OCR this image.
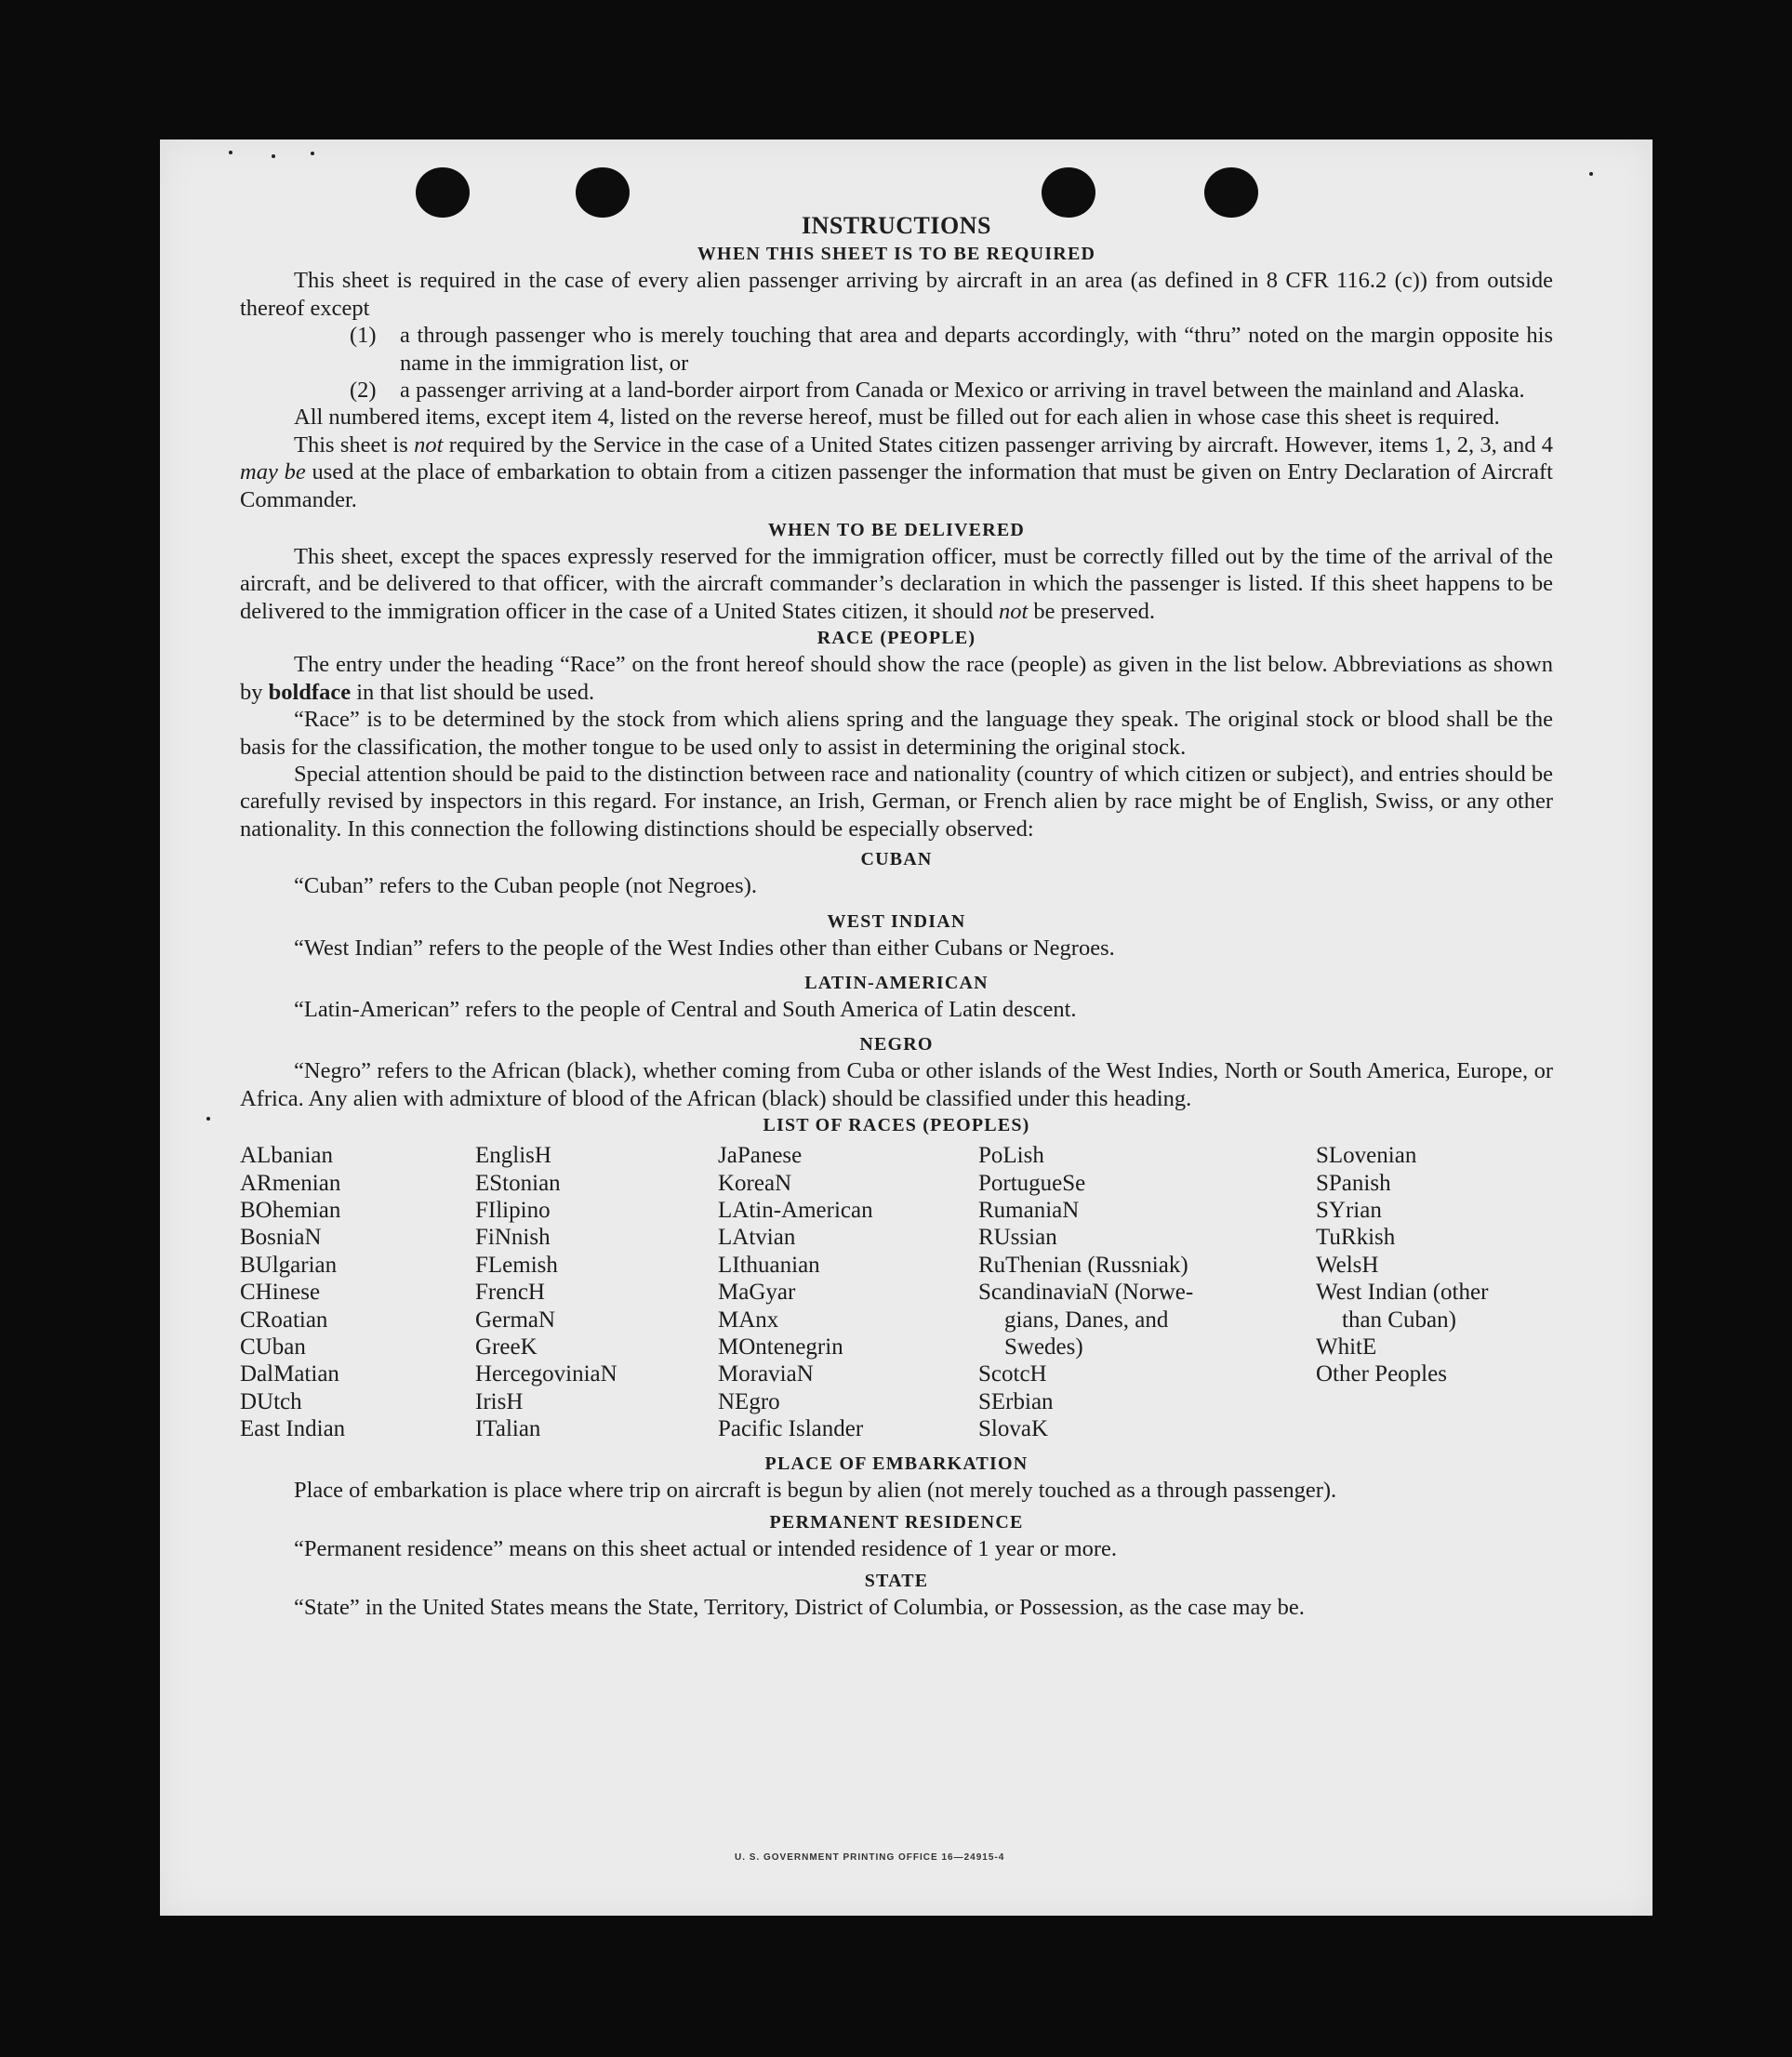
INSTRUCTIONS
WHEN THIS SHEET IS TO BE REQUIRED

This sheet is required in the case of every alien passenger arriving by aircraft in an area (as defined in 8 CFR 116.2 (c)) from outside thereof except

(1)	a through passenger who is merely touching that area and departs accordingly, with “thru” noted on the margin opposite his name in the immigration list, or
(2)	a passenger arriving at a land-border airport from Canada or Mexico or arriving in travel between the mainland and Alaska.

All numbered items, except item 4, listed on the reverse hereof, must be filled out for each alien in whose case this sheet is required.

This sheet is not required by the Service in the case of a United States citizen passenger arriving by aircraft. However, items 1, 2, 3, and 4 may be used at the place of embarkation to obtain from a citizen passenger the information that must be given on Entry Declaration of Aircraft Commander.

WHEN TO BE DELIVERED

This sheet, except the spaces expressly reserved for the immigration officer, must be correctly filled out by the time of the arrival of the aircraft, and be delivered to that officer, with the aircraft commander’s declaration in which the passenger is listed. If this sheet happens to be delivered to the immigration officer in the case of a United States citizen, it should not be preserved.

RACE (PEOPLE)

The entry under the heading “Race” on the front hereof should show the race (people) as given in the list below. Abbreviations as shown by boldface in that list should be used.

“Race” is to be determined by the stock from which aliens spring and the language they speak. The original stock or blood shall be the basis for the classification, the mother tongue to be used only to assist in determining the original stock.

Special attention should be paid to the distinction between race and nationality (country of which citizen or subject), and entries should be carefully revised by inspectors in this regard. For instance, an Irish, German, or French alien by race might be of English, Swiss, or any other nationality. In this connection the following distinctions should be especially observed:

CUBAN

“Cuban” refers to the Cuban people (not Negroes).

WEST INDIAN

“West Indian” refers to the people of the West Indies other than either Cubans or Negroes.

LATIN-AMERICAN

“Latin-American” refers to the people of Central and South America of Latin descent.

NEGRO

“Negro” refers to the African (black), whether coming from Cuba or other islands of the West Indies, North or South America, Europe, or Africa. Any alien with admixture of blood of the African (black) should be classified under this heading.

LIST OF RACES (PEOPLES)
ALbanian
ARmenian
BOhemian
BosniaN
BUlgarian
CHinese
CRoatian
CUban
DalMatian
DUtch
East Indian
EnglisH
EStonian
FIlipino
FiNnish
FLemish
FrencH
GermaN
GreeK
HercegoviniaN
IrisH
ITalian
JaPanese
KoreaN
LAtin-American
LAtvian
LIthuanian
MaGyar
MAnx
MOntenegrin
MoraviaN
NEgro
Pacific Islander
PoLish
PortugueSe
RumaniaN
RUssian
RuThenian (Russniak)
ScandinaviaN (Norwe-
gians, Danes, and
Swedes)
ScotcH
SErbian
SlovaK
SLovenian
SPanish
SYrian
TuRkish
WelsH
West Indian (other
than Cuban)
WhitE
Other Peoples
PLACE OF EMBARKATION

Place of embarkation is place where trip on aircraft is begun by alien (not merely touched as a through passenger).

PERMANENT RESIDENCE

“Permanent residence” means on this sheet actual or intended residence of 1 year or more.

STATE

“State” in the United States means the State, Territory, District of Columbia, or Possession, as the case may be.

U. S. GOVERNMENT PRINTING OFFICE 16—24915-4
